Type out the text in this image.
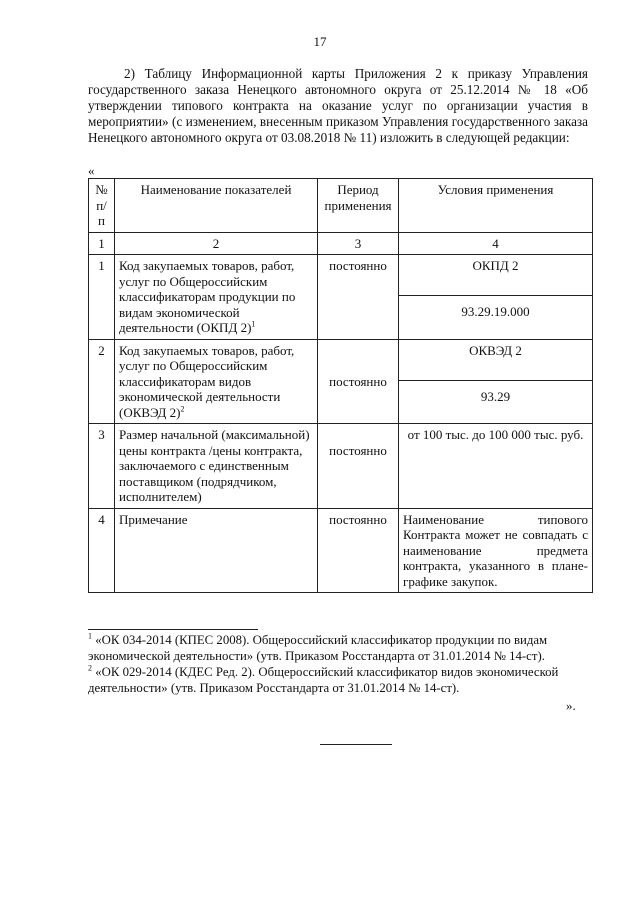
17
2) Таблицу Информационной карты Приложения 2 к приказу Управления государственного заказа Ненецкого автономного округа от 25.12.2014 № 18 «Об утверждении типового контракта на оказание услуг по организации участия в мероприятии» (с изменением, внесенным приказом Управления государственного заказа Ненецкого автономного округа от 03.08.2018 № 11) изложить в следующей редакции:
«
№ п/п	Наименование показателей	Период применения	Условия применения
1	2	3	4
1	Код закупаемых товаров, работ, услуг по Общероссийским классификаторам продукции по видам экономической деятельности (ОКПД 2)$^1$	постоянно	ОКПД 2
			93.29.19.000
2	Код закупаемых товаров, работ, услуг по Общероссийским классификаторам видов экономической деятельности (ОКВЭД 2)$^2$	постоянно	ОКВЭД 2
			93.29
3	Размер начальной (максимальной) цены контракта /цены контракта, заключаемого с единственным поставщиком (подрядчиком, исполнителем)	постоянно	от 100 тыс. до 100 000 тыс. руб.
4	Примечание	постоянно	Наименование типового Контракта может не совпадать с наименование предмета контракта, указанного в плане-графике закупок.

$^1$ «ОК 034-2014 (КПЕС 2008). Общероссийский классификатор продукции по видам экономической деятельности» (утв. Приказом Росстандарта от 31.01.2014 № 14-ст).

$^2$ «ОК 029-2014 (КДЕС Ред. 2). Общероссийский классификатор видов экономической деятельности» (утв. Приказом Росстандарта от 31.01.2014 № 14-ст).

».
